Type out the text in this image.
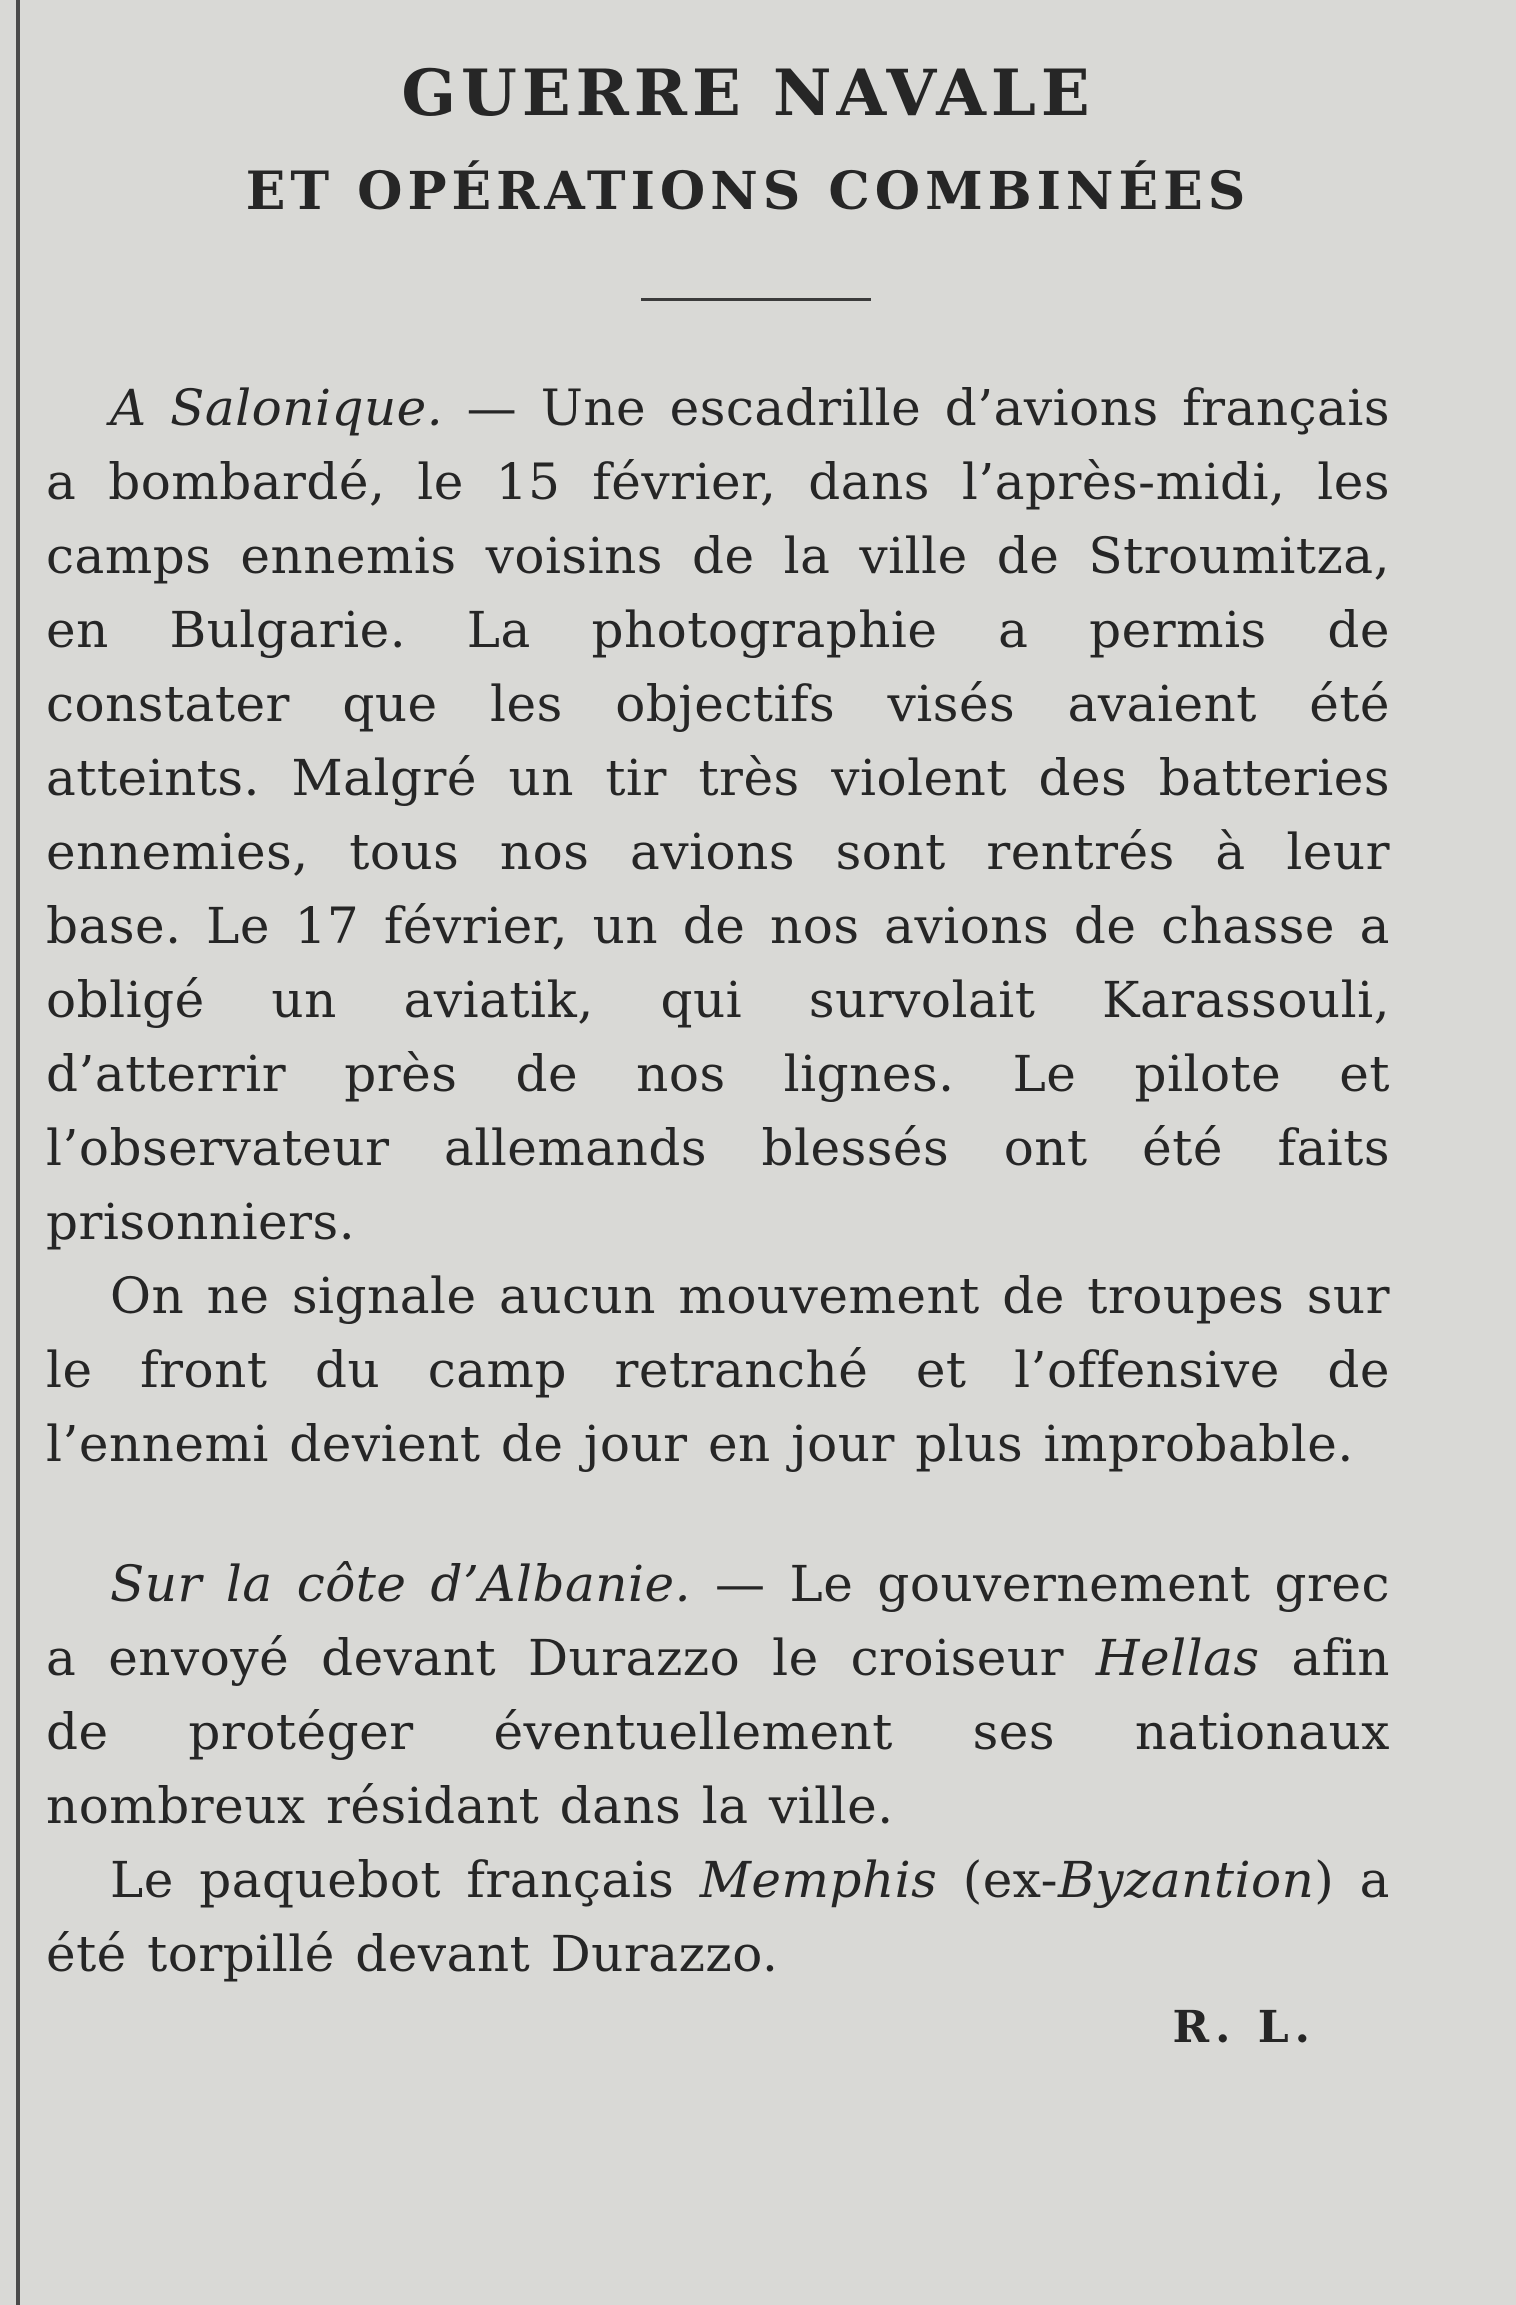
GUERRE NAVALE
ET OPÉRATIONS COMBINÉES

A Salonique. — Une escadrille d’avions français a bombardé, le 15 février, dans l’après-midi, les camps ennemis voisins de la ville de Stroumitza, en Bulgarie. La photographie a permis de constater que les objectifs visés avaient été atteints. Malgré un tir très violent des batteries ennemies, tous nos avions sont rentrés à leur base. Le 17 février, un de nos avions de chasse a obligé un aviatik, qui survolait Karassouli, d’atterrir près de nos lignes. Le pilote et l’observateur allemands blessés ont été faits prisonniers.

On ne signale aucun mouvement de troupes sur le front du camp retranché et l’offensive de l’ennemi devient de jour en jour plus improbable.

Sur la côte d’Albanie. — Le gouvernement grec a envoyé devant Durazzo le croiseur Hellas afin de protéger éventuellement ses nationaux nombreux résidant dans la ville.

Le paquebot français Memphis (ex-Byzantion) a été torpillé devant Durazzo.

R. L.
